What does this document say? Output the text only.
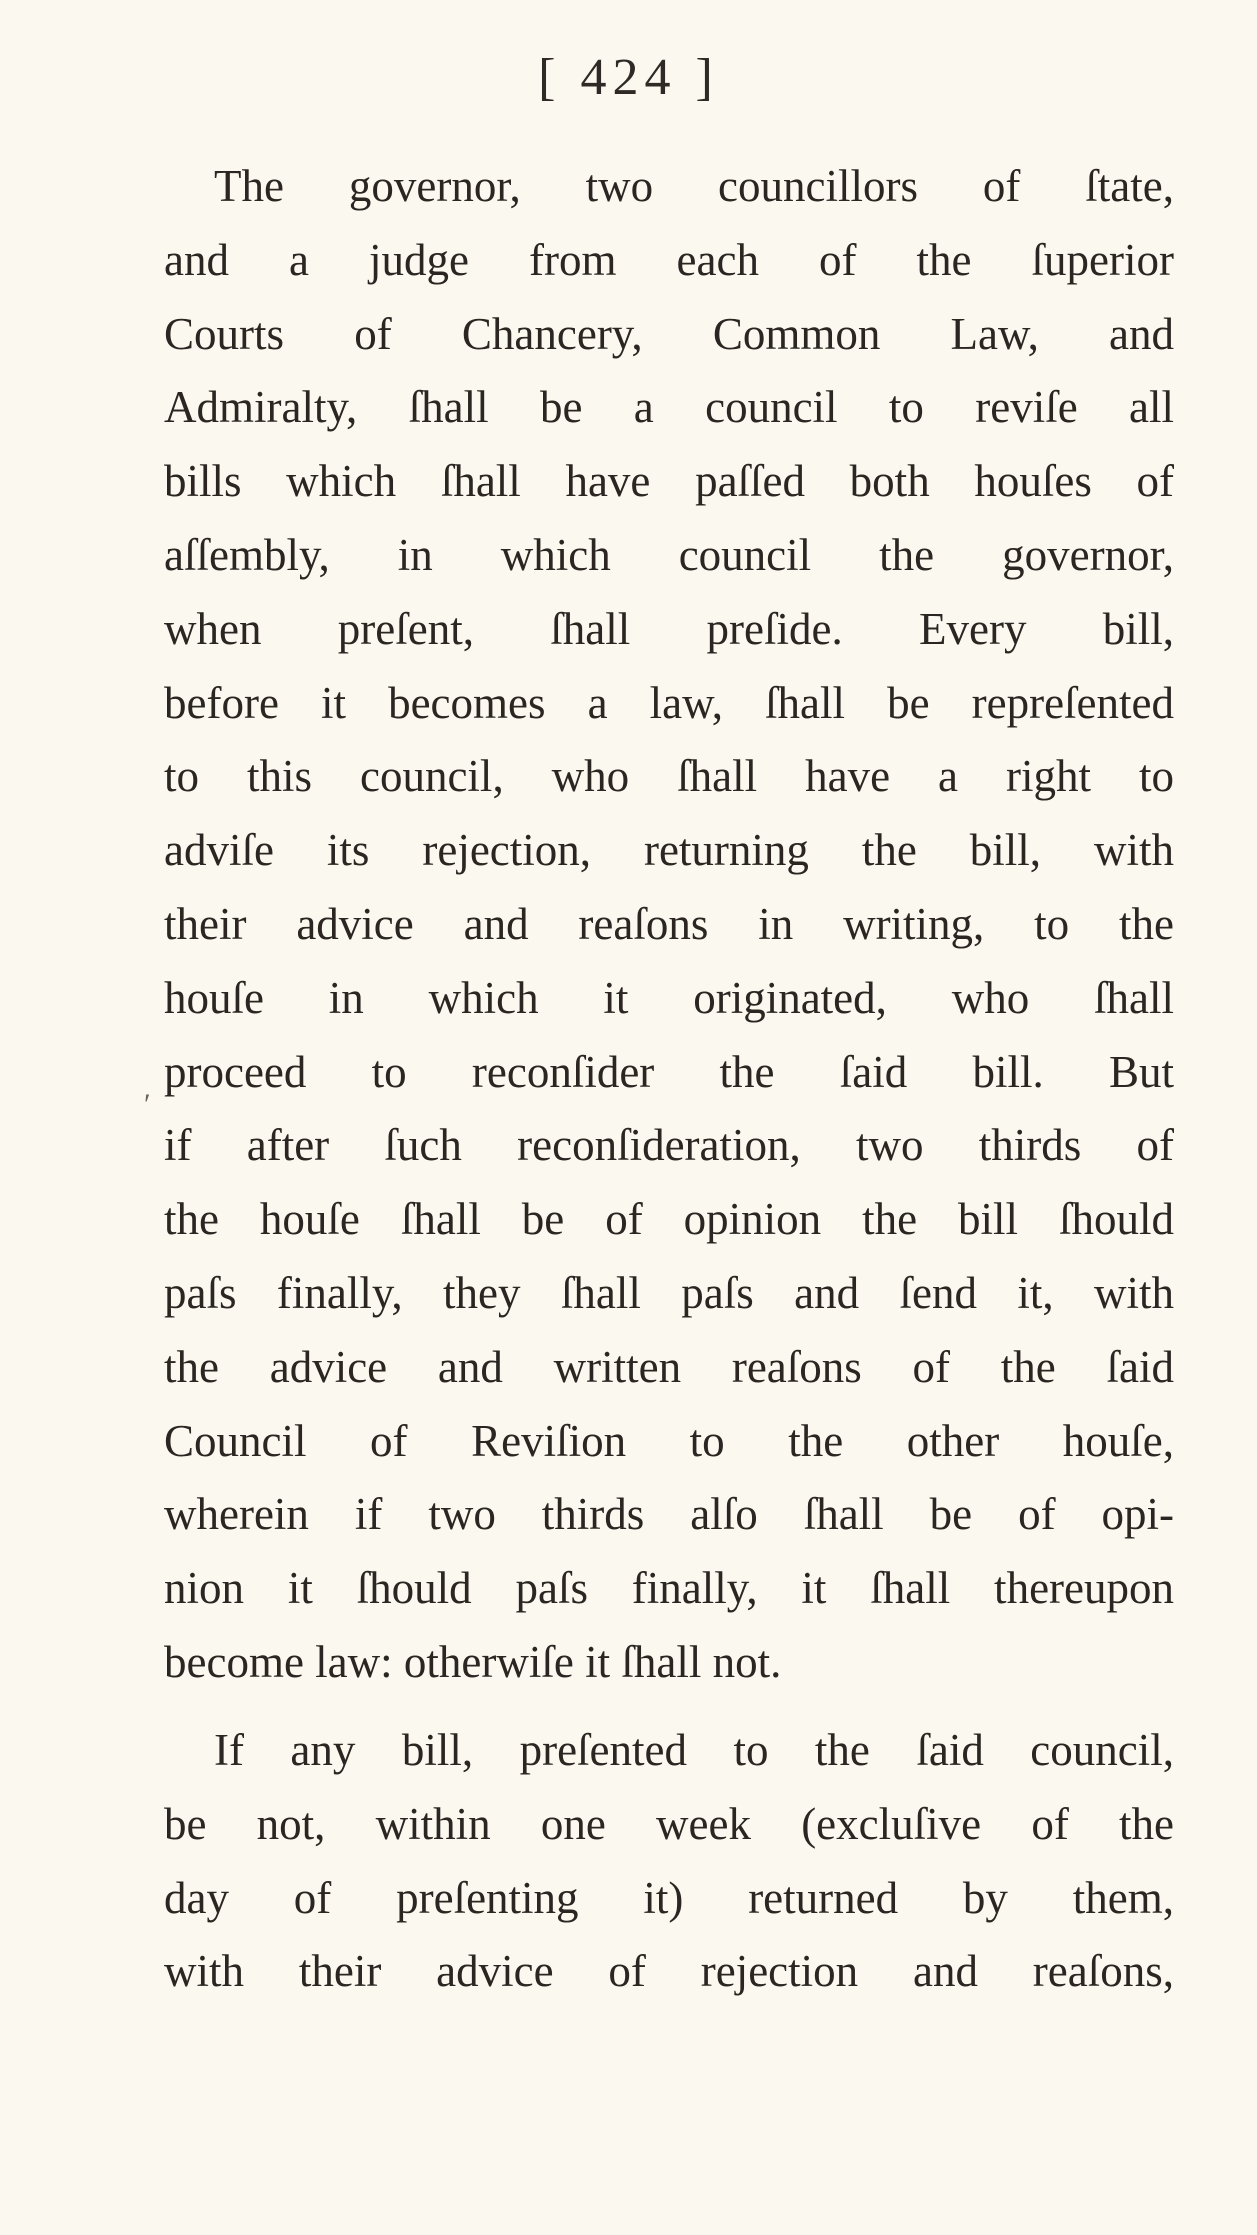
[ 424 ]
ʹ
The governor, two councillors of ſtate,
and a judge from each of the ſuperior
Courts of Chancery, Common Law, and
Admiralty, ſhall be a council to reviſe all
bills which ſhall have paſſed both houſes of
aſſembly, in which council the governor,
when preſent, ſhall preſide. Every bill,
before it becomes a law, ſhall be repreſented
to this council, who ſhall have a right to
adviſe its rejection, returning the bill, with
their advice and reaſons in writing, to the
houſe in which it originated, who ſhall
proceed to reconſider the ſaid bill. But
if after ſuch reconſideration, two thirds of
the houſe ſhall be of opinion the bill ſhould
paſs finally, they ſhall paſs and ſend it, with
the advice and written reaſons of the ſaid
Council of Reviſion to the other houſe,
wherein if two thirds alſo ſhall be of opi-
nion it ſhould paſs finally, it ſhall thereupon
become law: otherwiſe it ſhall not.
If any bill, preſented to the ſaid council,
be not, within one week (excluſive of the
day of preſenting it) returned by them,
with their advice of rejection and reaſons,
